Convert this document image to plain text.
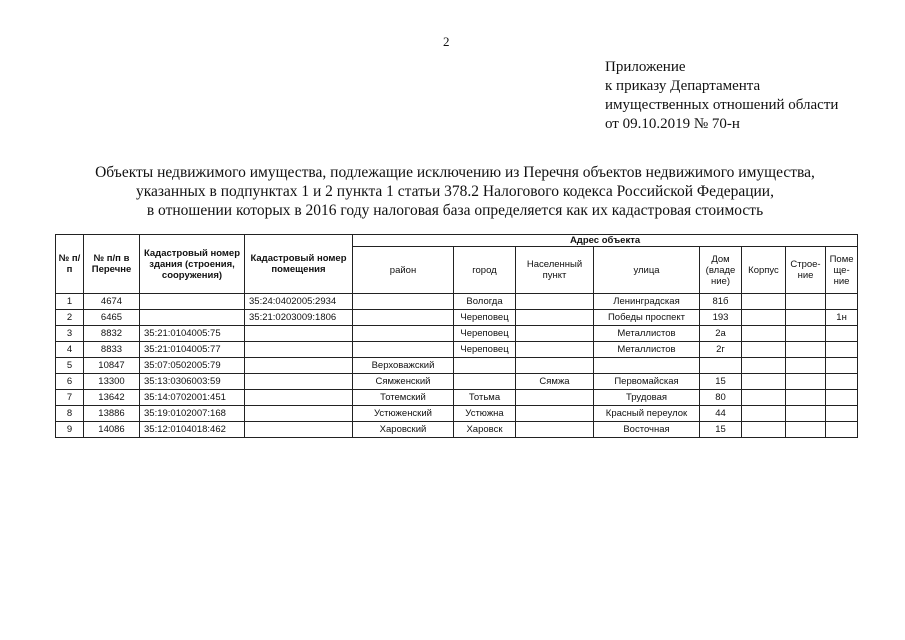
2
Приложение
к приказу Департамента
имущественных отношений области
от 09.10.2019 № 70-н
Объекты недвижимого имущества, подлежащие исключению из Перечня объектов недвижимого имущества,
указанных в подпунктах 1 и 2 пункта 1 статьи 378.2 Налогового кодекса Российской Федерации,
в отношении которых в 2016 году налоговая база определяется как их кадастровая стоимость
№ п/п	№ п/п в Перечне	Кадастровый номер здания (строения, сооружения)	Кадастровый номер помещения	Адрес объекта							
				район	город	Населенный пункт	улица	Дом (владе ние)	Корпус	Строе- ние	Поме ще- ние
1	4674		35:24:0402005:2934		Вологда		Ленинградская	81б			
2	6465		35:21:0203009:1806		Череповец		Победы проспект	193			1н
3	8832	35:21:0104005:75			Череповец		Металлистов	2а			
4	8833	35:21:0104005:77			Череповец		Металлистов	2г			
5	10847	35:07:0502005:79		Верховажский							
6	13300	35:13:0306003:59		Сямженский		Сямжа	Первомайская	15			
7	13642	35:14:0702001:451		Тотемский	Тотьма		Трудовая	80			
8	13886	35:19:0102007:168		Устюженский	Устюжна		Красный переулок	44			
9	14086	35:12:0104018:462		Харовский	Харовск		Восточная	15			
